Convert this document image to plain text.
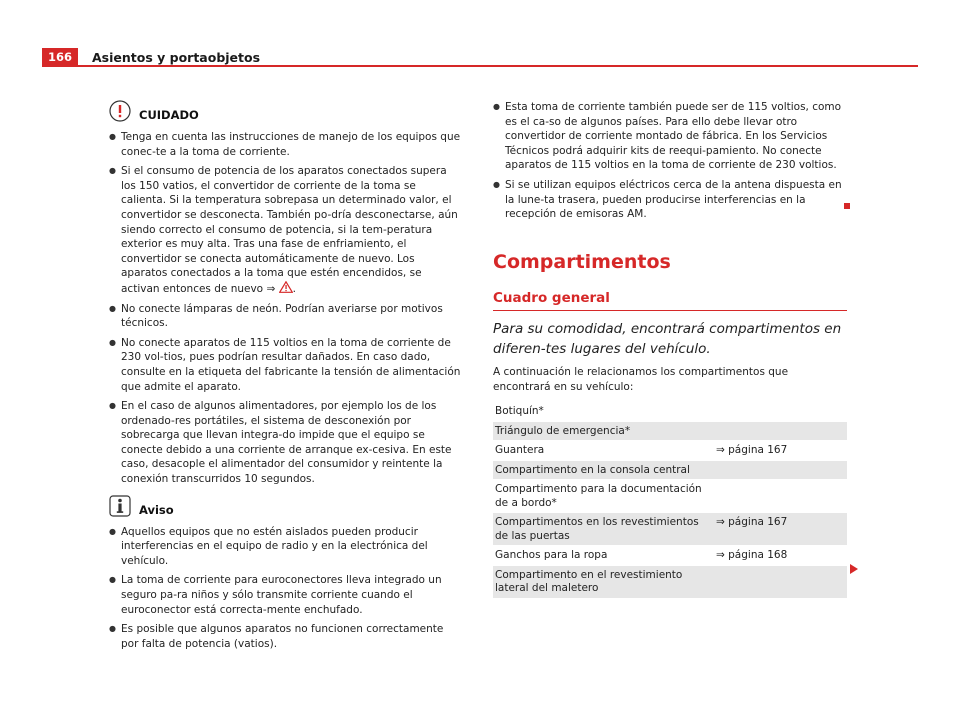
166	Asientos y portaobjetos
CUIDADO
● Tenga en cuenta las instrucciones de manejo de los equipos que conec-te a la toma de corriente.
● Si el consumo de potencia de los aparatos conectados supera los 150 vatios, el convertidor de corriente de la toma se calienta. Si la temperatura sobrepasa un determinado valor, el convertidor se desconecta. También po-dría desconectarse, aún siendo correcto el consumo de potencia, si la tem-peratura exterior es muy alta. Tras una fase de enfriamiento, el convertidor se conecta automáticamente de nuevo. Los aparatos conectados a la toma que estén encendidos, se activan entonces de nuevo ⇒ .
● No conecte lámparas de neón. Podrían averiarse por motivos técnicos.
● No conecte aparatos de 115 voltios en la toma de corriente de 230 vol-tios, pues podrían resultar dañados. En caso dado, consulte en la etiqueta del fabricante la tensión de alimentación que admite el aparato.
● En el caso de algunos alimentadores, por ejemplo los de los ordenado-res portátiles, el sistema de desconexión por sobrecarga que llevan integra-do impide que el equipo se conecte debido a una corriente de arranque ex-cesiva. En este caso, desacople el alimentador del consumidor y reintente la conexión transcurridos 10 segundos.
Aviso
● Aquellos equipos que no estén aislados pueden producir interferencias en el equipo de radio y en la electrónica del vehículo.
● La toma de corriente para euroconectores lleva integrado un seguro pa-ra niños y sólo transmite corriente cuando el euroconector está correcta-mente enchufado.
● Es posible que algunos aparatos no funcionen correctamente por falta de potencia (vatios).
● Esta toma de corriente también puede ser de 115 voltios, como es el ca-so de algunos países. Para ello debe llevar otro convertidor de corriente montado de fábrica. En los Servicios Técnicos podrá adquirir kits de reequi-pamiento. No conecte aparatos de 115 voltios en la toma de corriente de 230 voltios.
● Si se utilizan equipos eléctricos cerca de la antena dispuesta en la lune-ta trasera, pueden producirse interferencias en la recepción de emisoras AM.
Compartimentos
Cuadro general
Para su comodidad, encontrará compartimentos en diferen-tes lugares del vehículo.

A continuación le relacionamos los compartimentos que encontrará en su vehículo:

Botiquín*	
Triángulo de emergencia*	
Guantera	⇒ página 167
Compartimento en la consola central	
Compartimento para la documentación de a bordo*	
Compartimentos en los revestimientos de las puertas	⇒ página 167
Ganchos para la ropa	⇒ página 168
Compartimento en el revestimiento lateral del maletero	
